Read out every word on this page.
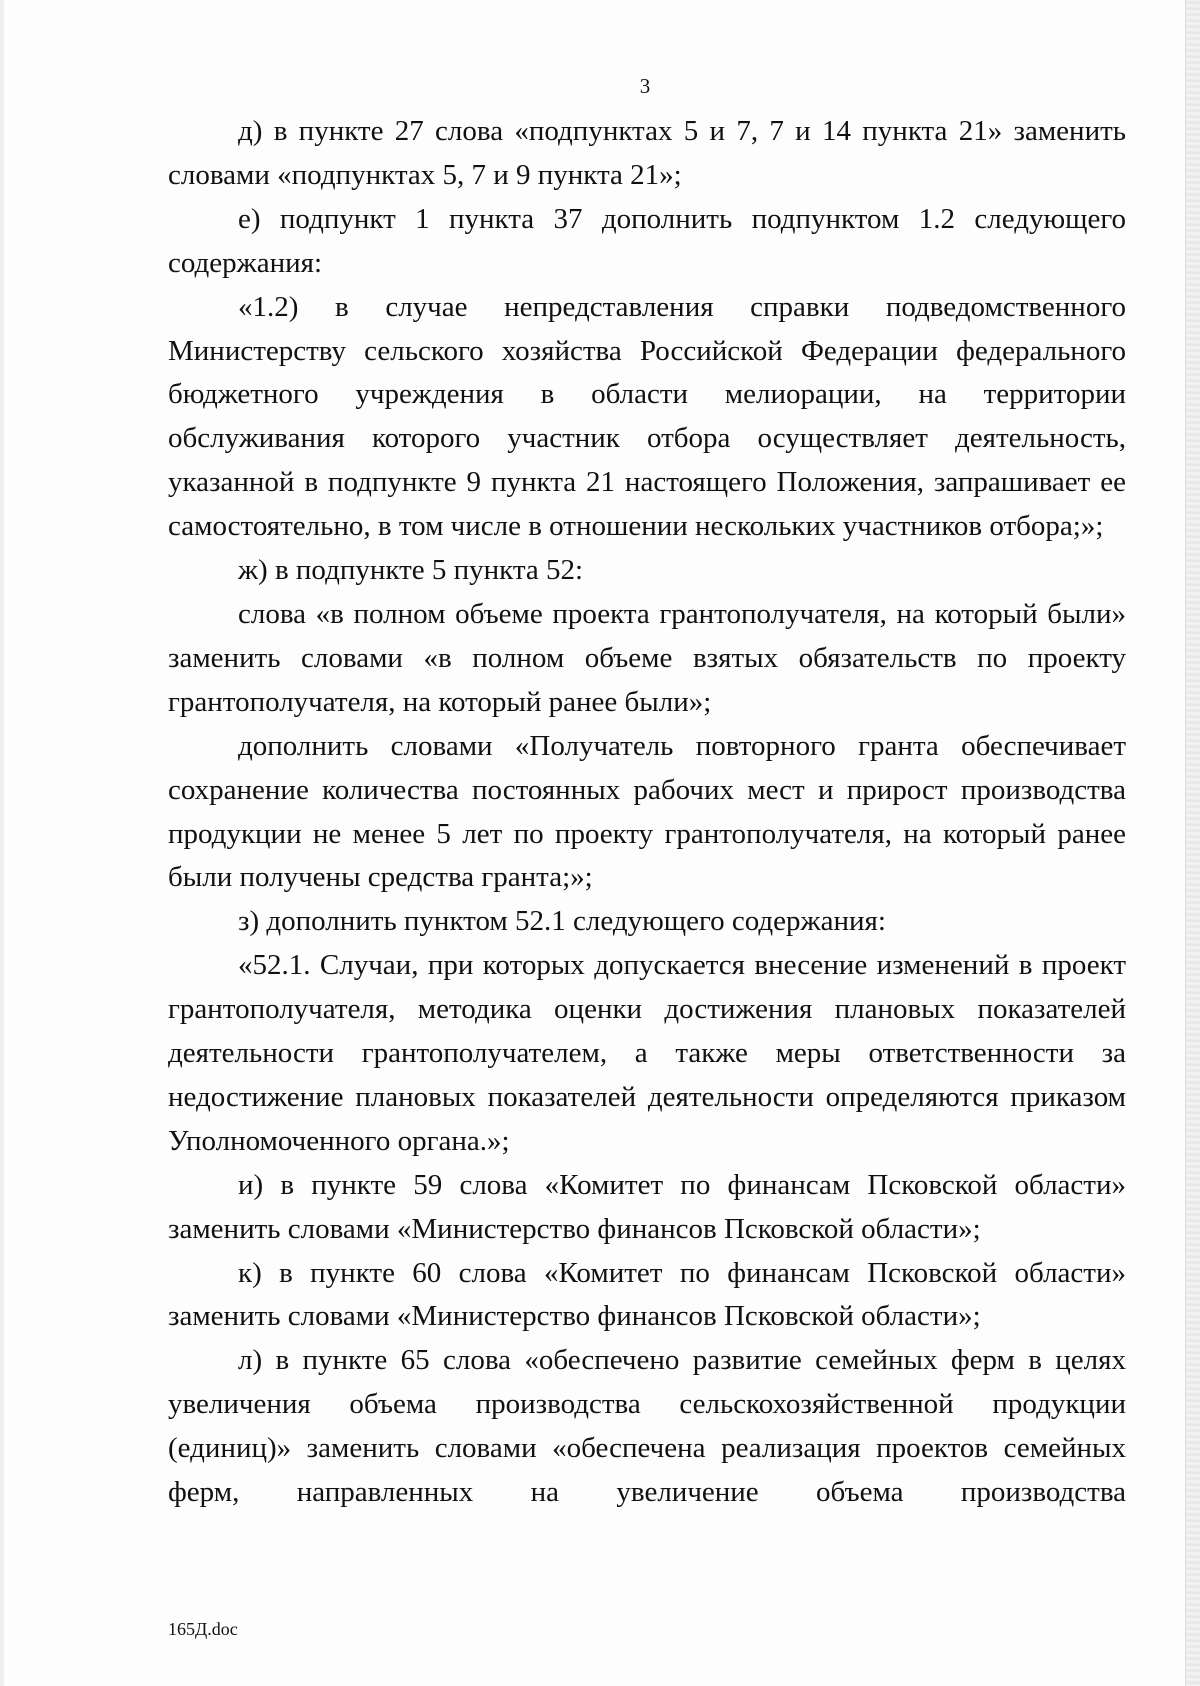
3

д) в пункте 27 слова «подпунктах 5 и 7, 7 и 14 пункта 21» заменить словами «подпунктах 5, 7 и 9 пункта 21»;

е) подпункт 1 пункта 37 дополнить подпунктом 1.2 следующего содержания:

«1.2) в случае непредставления справки подведомственного Министерству сельского хозяйства Российской Федерации федерального бюджетного учреждения в области мелиорации, на территории обслуживания которого участник отбора осуществляет деятельность, указанной в подпункте 9 пункта 21 настоящего Положения, запрашивает ее самостоятельно, в том числе в отношении нескольких участников отбора;»;

ж) в подпункте 5 пункта 52:

слова «в полном объеме проекта грантополучателя, на который были» заменить словами «в полном объеме взятых обязательств по проекту грантополучателя, на который ранее были»;

дополнить словами «Получатель повторного гранта обеспечивает сохранение количества постоянных рабочих мест и прирост производства продукции не менее 5 лет по проекту грантополучателя, на который ранее были получены средства гранта;»;

з) дополнить пунктом 52.1 следующего содержания:

«52.1. Случаи, при которых допускается внесение изменений в проект грантополучателя, методика оценки достижения плановых показателей деятельности грантополучателем, а также меры ответственности за недостижение плановых показателей деятельности определяются приказом Уполномоченного органа.»;

и) в пункте 59 слова «Комитет по финансам Псковской области» заменить словами «Министерство финансов Псковской области»;

к) в пункте 60 слова «Комитет по финансам Псковской области» заменить словами «Министерство финансов Псковской области»;

л) в пункте 65 слова «обеспечено развитие семейных ферм в целях увеличения объема производства сельскохозяйственной продукции (единиц)» заменить словами «обеспечена реализация проектов семейных ферм, направленных на увеличение объема производства

165Д.doc
